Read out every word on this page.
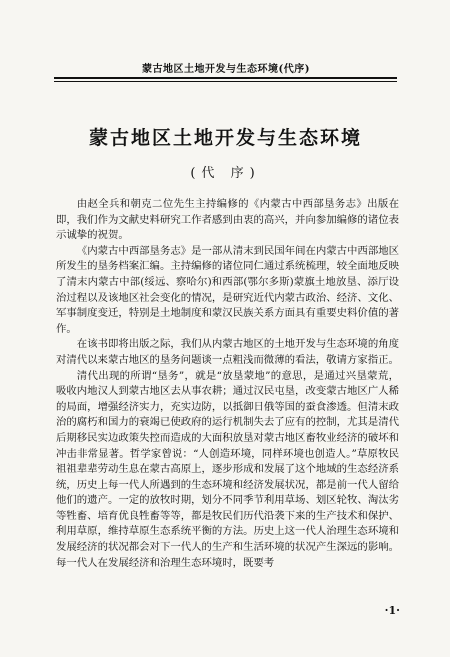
蒙古地区土地开发与生态环境(代序)
蒙古地区土地开发与生态环境
(代 序)

由赵全兵和朝克二位先生主持编修的《内蒙古中西部垦务志》出版在即，我们作为文献史料研究工作者感到由衷的高兴，并向参加编修的诸位表示诚挚的祝贺。

《内蒙古中西部垦务志》是一部从清末到民国年间在内蒙古中西部地区所发生的垦务档案汇编。主持编修的诸位同仁通过系统梳理，较全面地反映了清末内蒙古中部(绥远、察哈尔)和西部(鄂尔多斯)蒙旗土地放垦、添厅设治过程以及该地区社会变化的情况，是研究近代内蒙古政治、经济、文化、军事制度变迁，特别是土地制度和蒙汉民族关系方面具有重要史料价值的著作。

在该书即将出版之际，我们从内蒙古地区的土地开发与生态环境的角度对清代以来蒙古地区的垦务问题谈一点粗浅而微薄的看法，敬请方家指正。

清代出现的所谓“垦务”，就是“放垦蒙地”的意思，是通过兴垦蒙荒，吸收内地汉人到蒙古地区去从事农耕；通过汉民屯垦，改变蒙古地区广人稀的局面，增强经济实力，充实边防，以抵御日俄等国的蚕食渗透。但清末政治的腐朽和国力的衰竭已使政府的运行机制失去了应有的控制，尤其是清代后期移民实边政策失控而造成的大面积放垦对蒙古地区畜牧业经济的破坏和冲击非常显著。哲学家曾说：“人创造环境，同样环境也创造人。”草原牧民祖祖辈辈劳动生息在蒙古高原上，逐步形成和发展了这个地域的生态经济系统，历史上每一代人所遇到的生态环境和经济发展状况，都是前一代人留给他们的遗产。一定的放牧时期，划分不同季节利用草场、划区轮牧、淘汰劣等牲畜、培育优良牲畜等等，都是牧民们历代沿袭下来的生产技术和保护、利用草原，维持草原生态系统平衡的方法。历史上这一代人治理生态环境和发展经济的状况都会对下一代人的生产和生活环境的状况产生深远的影响。每一代人在发展经济和治理生态环境时，既要考

·1·
